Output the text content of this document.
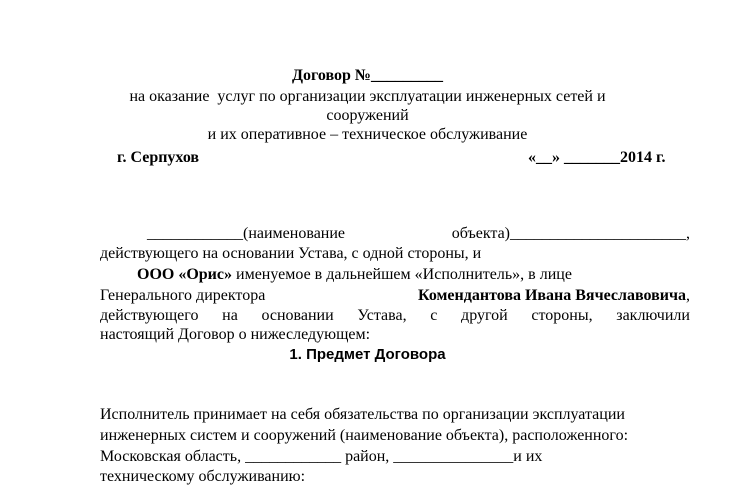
Договор №_________
на оказание  услуг по организации эксплуатации инженерных сетей и
сооружений
и их оперативное – техническое обслуживание
г. Серпухов	«__» _______2014 г.
____________(наименование	объекта)______________________,
действующего на основании Устава, с одной стороны, и
ООО «Орис» именуемое в дальнейшем «Исполнитель», в лице
Генерального директора	Комендантова Ивана Вячеславовича,
действующего на основании Устава, с другой стороны, заключили
настоящий Договор о нижеследующем:
1. Предмет Договора
Исполнитель принимает на себя обязательства по организации эксплуатации
инженерных систем и сооружений (наименование объекта), расположенного:
Московская область, ____________ район, _______________и их
техническому обслуживанию:
